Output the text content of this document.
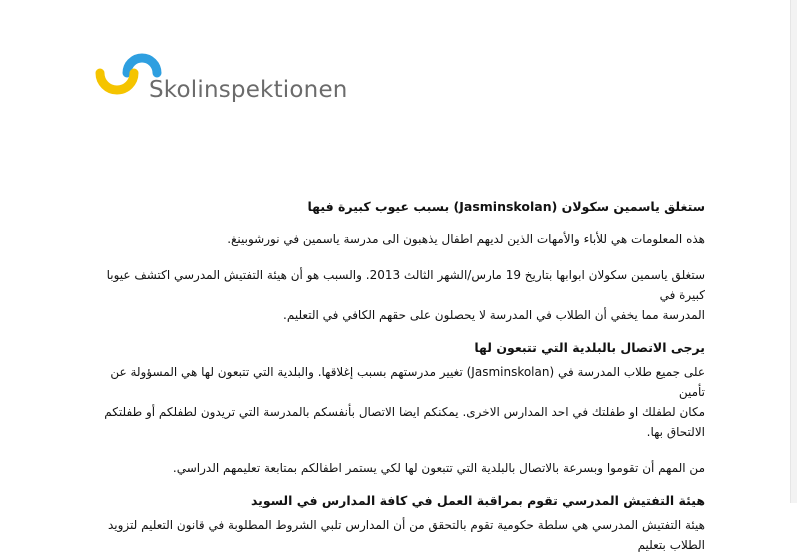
Skolinspektionen

ستغلق ياسمين سكولان (Jasminskolan) بسبب عيوب كبيرة فيها

هذه المعلومات هي للأباء والأمهات الذين لديهم اطفال يذهبون الى مدرسة ياسمين في نورشوبينغ.

ستغلق ياسمين سكولان ابوابها بتاريخ 19 مارس/الشهر الثالث 2013. والسبب هو أن هيئة التفتيش المدرسي اكتشف عيوبا كبيرة في

المدرسة مما يخفي أن الطلاب في المدرسة لا يحصلون على حقهم الكافي في التعليم.

يرجى الاتصال بالبلدية التي تتبعون لها

على جميع طلاب المدرسة في (Jasminskolan) تغيير مدرستهم بسبب إغلاقها. والبلدية التي تتبعون لها هي المسؤولة عن تأمين

مكان لطفلك او طفلتك في احد المدارس الاخرى. يمكنكم ايضا الاتصال بأنفسكم بالمدرسة التي تريدون لطفلكم أو طفلتكم الالتحاق بها.

من المهم أن تقوموا وبسرعة بالاتصال بالبلدية التي تتبعون لها لكي يستمر اطفالكم بمتابعة تعليمهم الدراسي.

هيئة التفتيش المدرسي تقوم بمراقبة العمل في كافة المدارس في السويد

هيئة التفتيش المدرسي هي سلطة حكومية تقوم بالتحقق من أن المدارس تلبي الشروط المطلوبة في قانون التعليم لتزويد الطلاب بتعليم
